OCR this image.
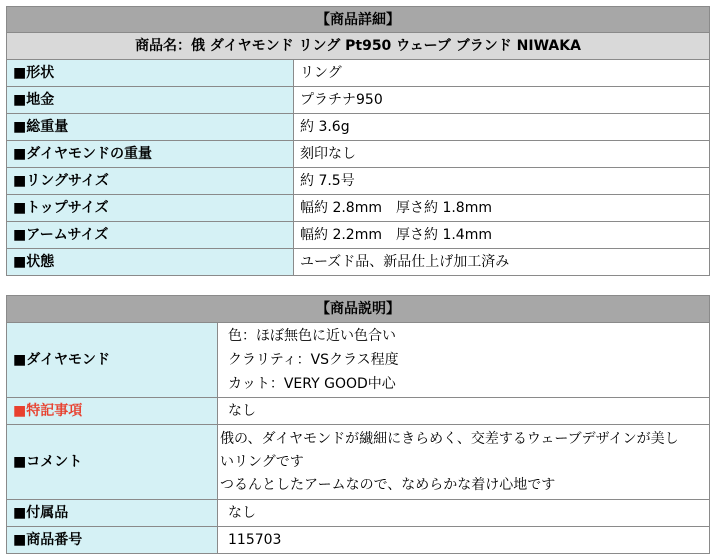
【商品詳細】	
商品名：俄 ダイヤモンド リング Pt950 ウェーブ ブランド NIWAKA	
■形状	リング
■地金	プラチナ950
■総重量	約 3.6g
■ダイヤモンドの重量	刻印なし
■リングサイズ	約 7.5号
■トップサイズ	幅約 2.8mm　厚さ約 1.8mm
■アームサイズ	幅約 2.2mm　厚さ約 1.4mm
■状態	ユーズド品、新品仕上げ加工済み
【商品説明】	
■ダイヤモンド	色：ほぼ無色に近い色合い
クラリティ：VSクラス程度
カット：VERY GOOD中心

■特記事項	なし
■コメント	俄の、ダイヤモンドが繊細にきらめく、交差するウェーブデザインが美し
いリングです
つるんとしたアームなので、なめらかな着け心地です

■付属品	なし
■商品番号	115703
